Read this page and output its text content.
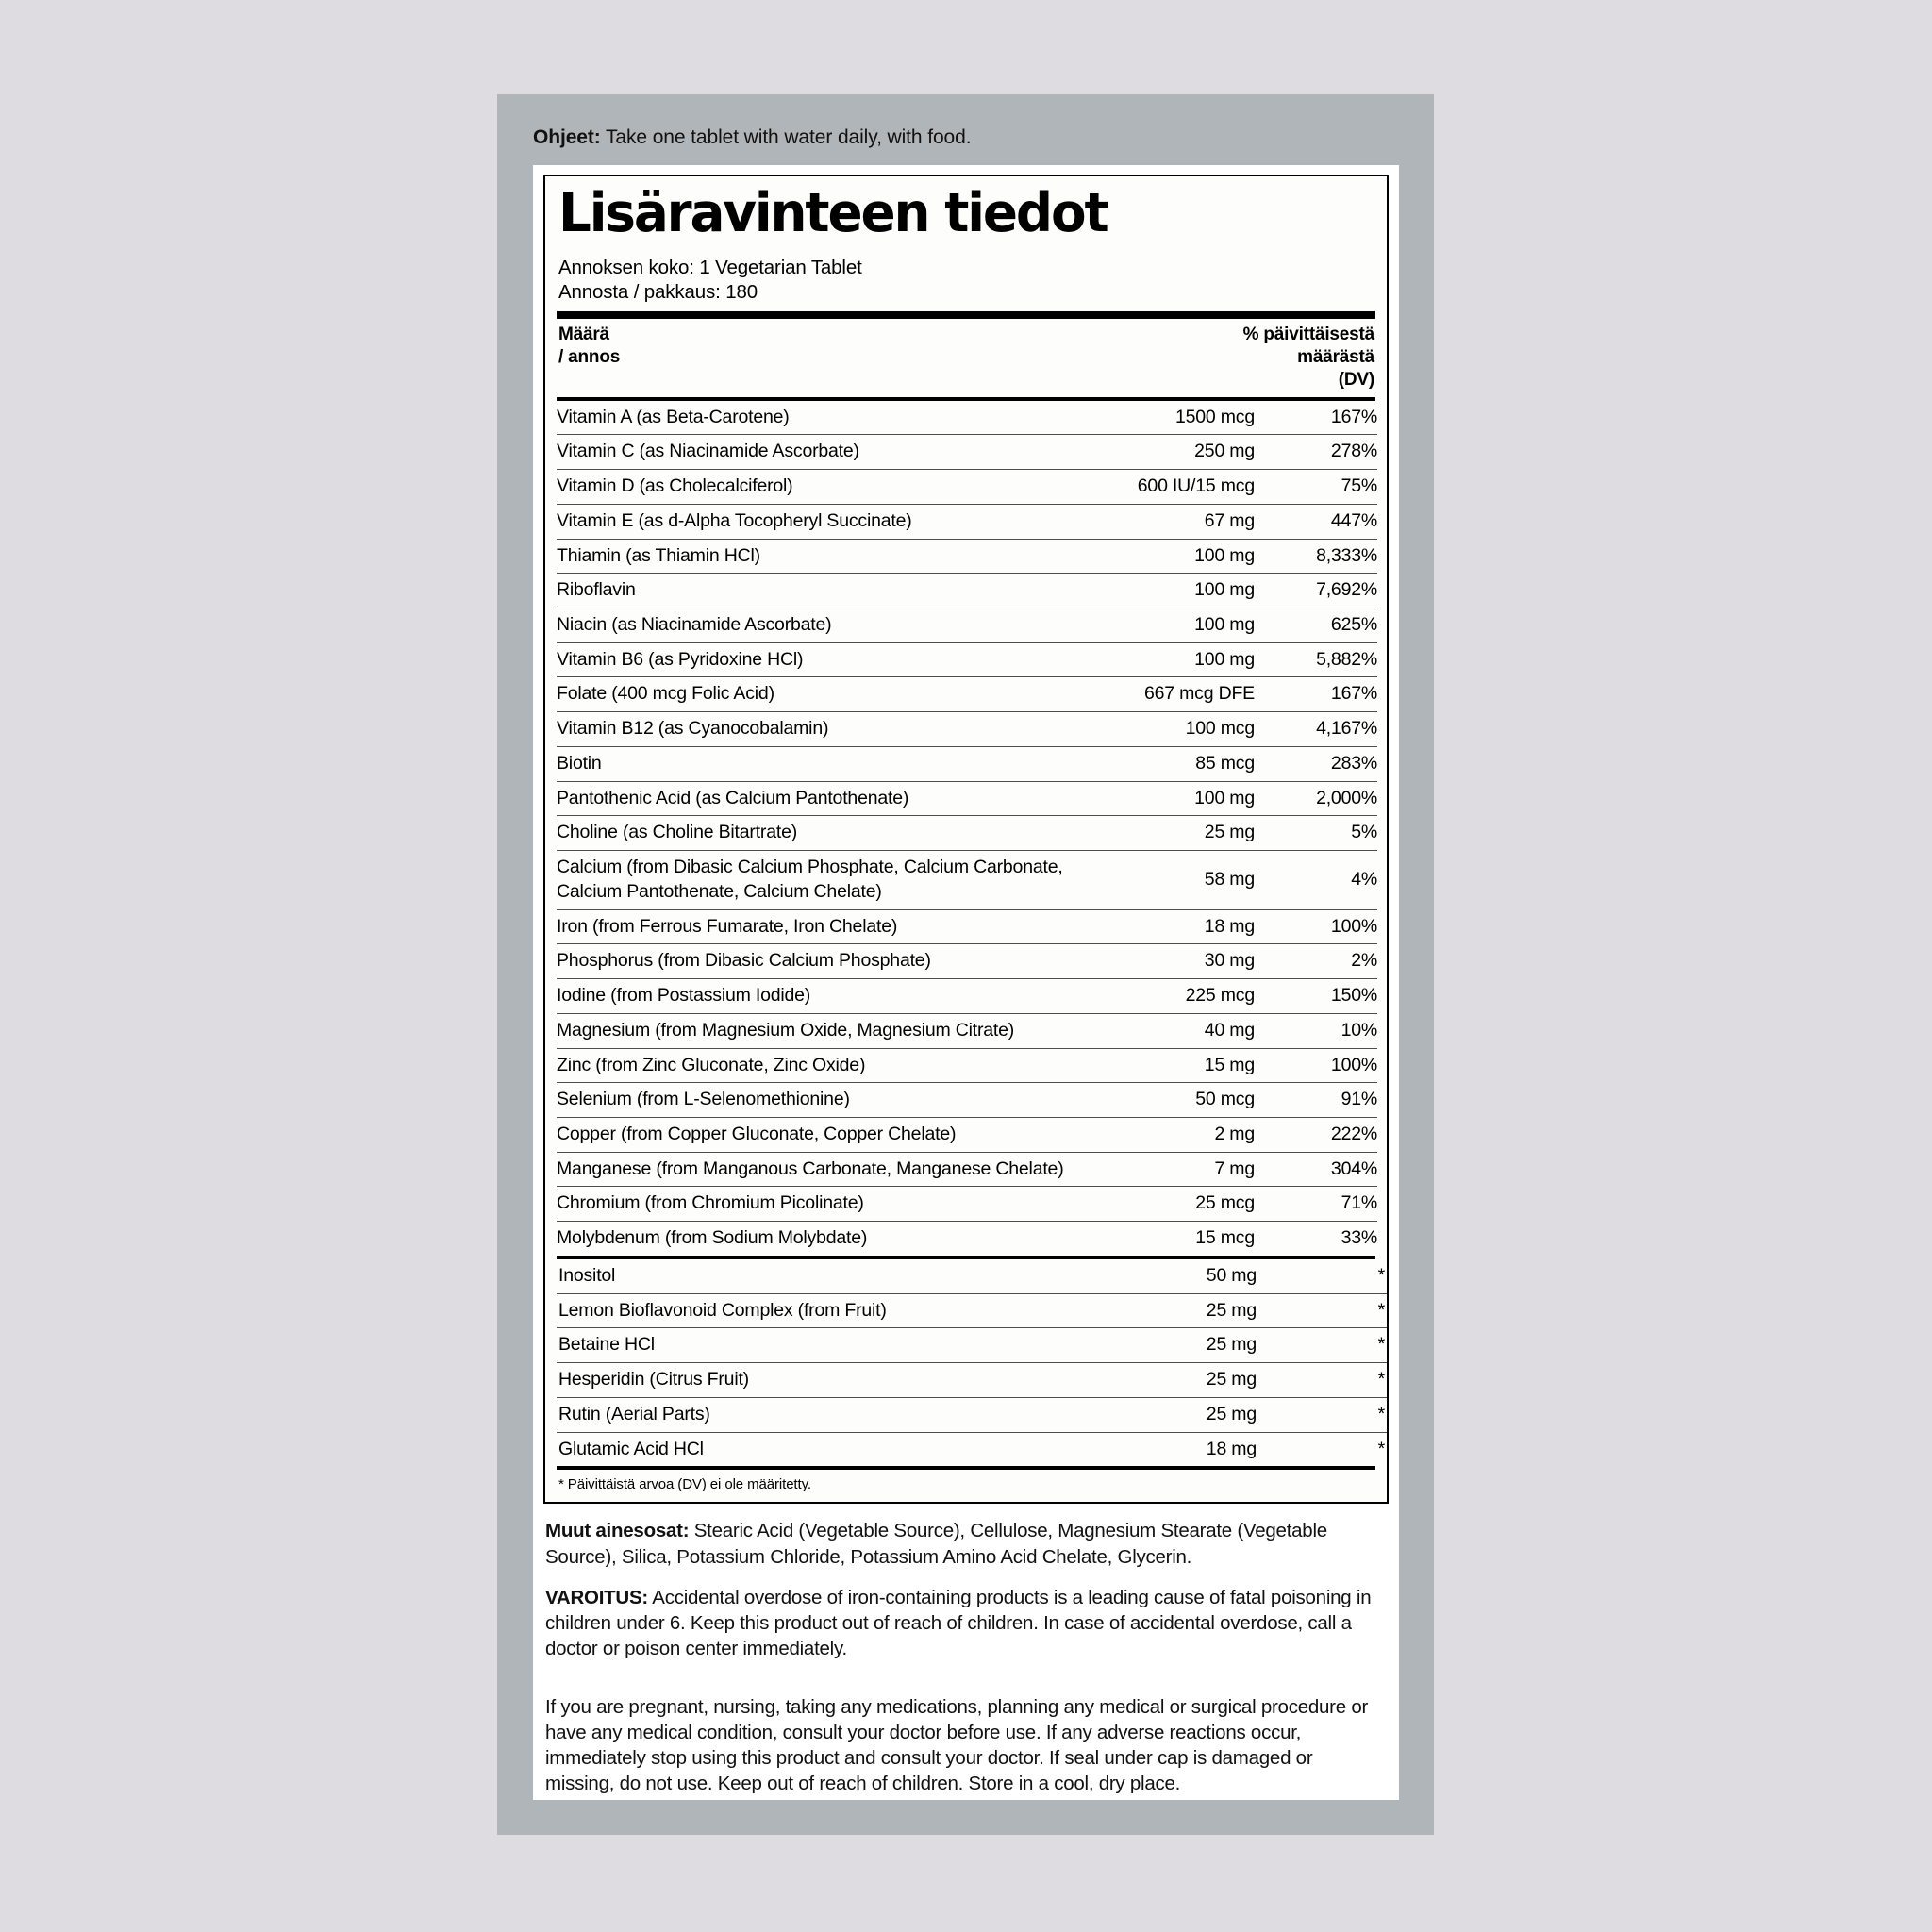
Ohjeet: Take one tablet with water daily, with food.
Lisäravinteen tiedot
Annoksen koko: 1 Vegetarian Tablet
Annosta / pakkaus: 180
Määrä
/ annos
% päivittäisestä
määrästä
(DV)
Vitamin A (as Beta-Carotene)	1500 mcg	167%
Vitamin C (as Niacinamide Ascorbate)	250 mg	278%
Vitamin D (as Cholecalciferol)	600 IU/15 mcg	75%
Vitamin E (as d-Alpha Tocopheryl Succinate)	67 mg	447%
Thiamin (as Thiamin HCl)	100 mg	8,333%
Riboflavin	100 mg	7,692%
Niacin (as Niacinamide Ascorbate)	100 mg	625%
Vitamin B6 (as Pyridoxine HCl)	100 mg	5,882%
Folate (400 mcg Folic Acid)	667 mcg DFE	167%
Vitamin B12 (as Cyanocobalamin)	100 mcg	4,167%
Biotin	85 mcg	283%
Pantothenic Acid (as Calcium Pantothenate)	100 mg	2,000%
Choline (as Choline Bitartrate)	25 mg	5%
Calcium (from Dibasic Calcium Phosphate, Calcium Carbonate, Calcium Pantothenate, Calcium Chelate)	58 mg	4%
Iron (from Ferrous Fumarate, Iron Chelate)	18 mg	100%
Phosphorus (from Dibasic Calcium Phosphate)	30 mg	2%
Iodine (from Postassium Iodide)	225 mcg	150%
Magnesium (from Magnesium Oxide, Magnesium Citrate)	40 mg	10%
Zinc (from Zinc Gluconate, Zinc Oxide)	15 mg	100%
Selenium (from L-Selenomethionine)	50 mcg	91%
Copper (from Copper Gluconate, Copper Chelate)	2 mg	222%
Manganese (from Manganous Carbonate, Manganese Chelate)	7 mg	304%
Chromium (from Chromium Picolinate)	25 mcg	71%
Molybdenum (from Sodium Molybdate)	15 mcg	33%
Inositol	50 mg	*
Lemon Bioflavonoid Complex (from Fruit)	25 mg	*
Betaine HCl	25 mg	*
Hesperidin (Citrus Fruit)	25 mg	*
Rutin (Aerial Parts)	25 mg	*
Glutamic Acid HCl	18 mg	*
* Päivittäistä arvoa (DV) ei ole määritetty.

Muut ainesosat: Stearic Acid (Vegetable Source), Cellulose, Magnesium Stearate (Vegetable Source), Silica, Potassium Chloride, Potassium Amino Acid Chelate, Glycerin.

VAROITUS: Accidental overdose of iron-containing products is a leading cause of fatal poisoning in children under 6. Keep this product out of reach of children. In case of accidental overdose, call a doctor or poison center immediately.

If you are pregnant, nursing, taking any medications, planning any medical or surgical procedure or have any medical condition, consult your doctor before use. If any adverse reactions occur, immediately stop using this product and consult your doctor. If seal under cap is damaged or missing, do not use. Keep out of reach of children. Store in a cool, dry place.
